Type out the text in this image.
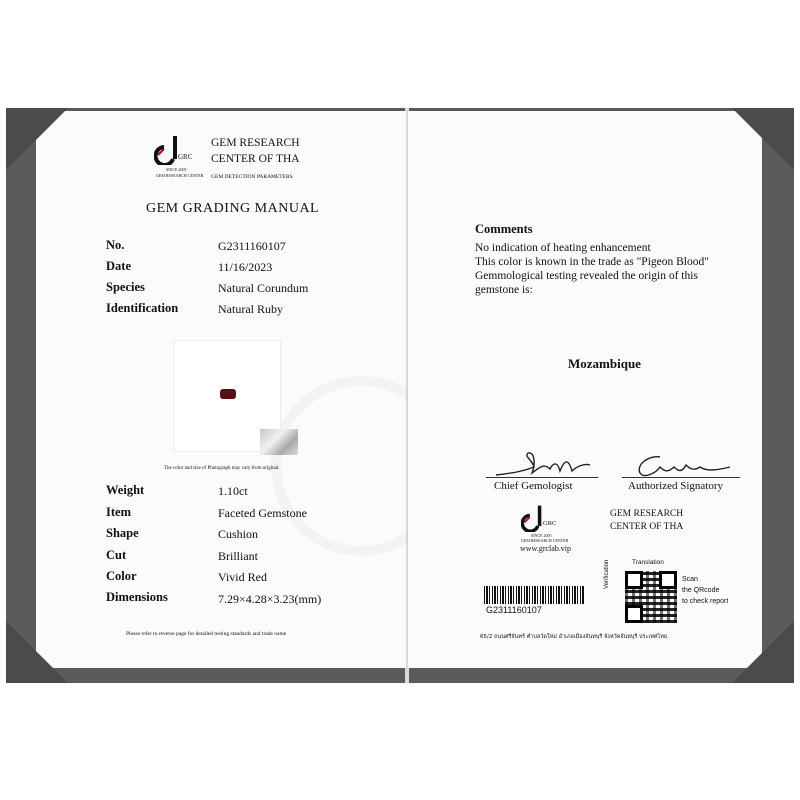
GRC
SINCE 2005
GEM RESEARCH CENTER
GEM RESEARCH
CENTER OF THA
GEM DETECTION PARAMETERS
GEM GRADING MANUAL
No.	G2311160107
Date	11/16/2023
Species	Natural Corundum
Identification	Natural Ruby
The color and size of Photograph may vary from original.
Weight	1.10ct
Item	Faceted Gemstone
Shape	Cushion
Cut	Brilliant
Color	Vivid Red
Dimensions	7.29×4.28×3.23(mm)
Please refer to reverse page for detailed testing standards and trade name
Comments
No indication of heating enhancement
This color is known in the trade as "Pigeon Blood"
Gemmological testing revealed the origin of this
gemstone is:
Mozambique
Chief Gemologist	Authorized Signatory
GRC
SINCE 2005
GEM RESEARCH CENTER
www.grclab.vip
GEM RESEARCH
CENTER OF THA
G2311160107
Translation
Verification	Scan
the QRcode
to check report
65/2 ถนนศรีจันทร์ ตำบลวัดใหม่ อำเภอเมืองจันทบุรี จังหวัดจันทบุรี ประเทศไทย
